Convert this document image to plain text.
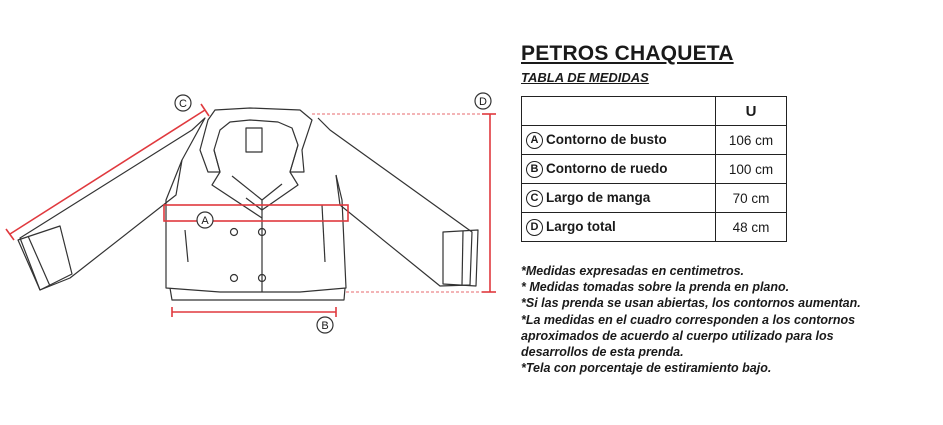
C	D
A
B
PETROS CHAQUETA
TABLA DE MEDIDAS
	U
A Contorno de busto	106 cm
B Contorno de ruedo	100 cm
C Largo de manga	70 cm
D Largo total	48 cm
*Medidas expresadas en centimetros.
* Medidas tomadas sobre la prenda en plano.
*Si las prenda se usan abiertas, los contornos aumentan.
*La medidas en el cuadro corresponden a los contornos
aproximados de acuerdo al cuerpo utilizado para los
desarrollos de esta prenda.
*Tela con porcentaje de estiramiento bajo.
